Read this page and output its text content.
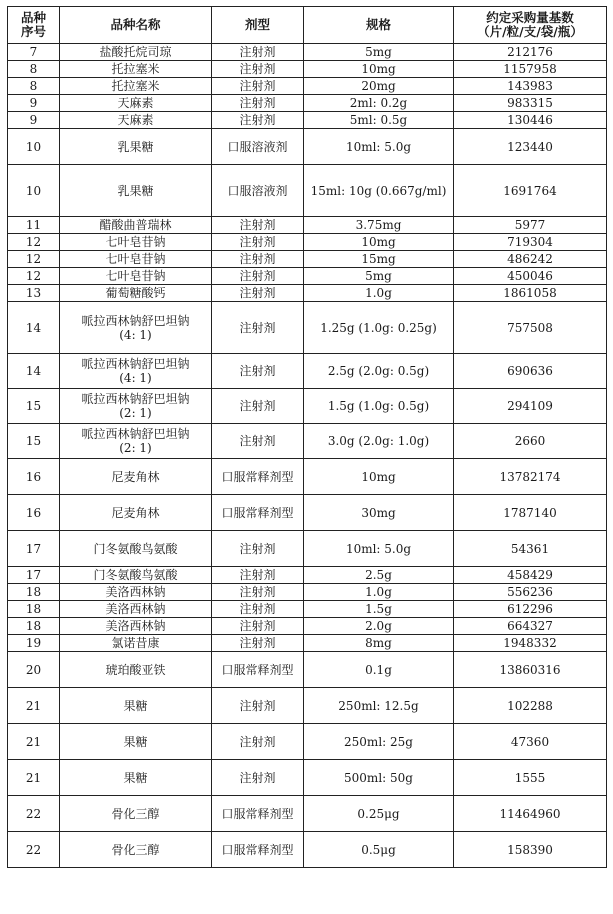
品种
序号	品种名称	剂型	规格	约定采购量基数
（片/粒/支/袋/瓶）
7	盐酸托烷司琼	注射剂	5mg	212176
8	托拉塞米	注射剂	10mg	1157958
8	托拉塞米	注射剂	20mg	143983
9	天麻素	注射剂	2ml: 0.2g	983315
9	天麻素	注射剂	5ml: 0.5g	130446
10	乳果糖	口服溶液剂	10ml: 5.0g	123440
10	乳果糖	口服溶液剂	15ml: 10g (0.667g/ml)	1691764
11	醋酸曲普瑞林	注射剂	3.75mg	5977
12	七叶皂苷钠	注射剂	10mg	719304
12	七叶皂苷钠	注射剂	15mg	486242
12	七叶皂苷钠	注射剂	5mg	450046
13	葡萄糖酸钙	注射剂	1.0g	1861058
14	哌拉西林钠舒巴坦钠
(4: 1)	注射剂	1.25g (1.0g: 0.25g)	757508
14	哌拉西林钠舒巴坦钠
(4: 1)	注射剂	2.5g (2.0g: 0.5g)	690636
15	哌拉西林钠舒巴坦钠
(2: 1)	注射剂	1.5g (1.0g: 0.5g)	294109
15	哌拉西林钠舒巴坦钠
(2: 1)	注射剂	3.0g (2.0g: 1.0g)	2660
16	尼麦角林	口服常释剂型	10mg	13782174
16	尼麦角林	口服常释剂型	30mg	1787140
17	门冬氨酸鸟氨酸	注射剂	10ml: 5.0g	54361
17	门冬氨酸鸟氨酸	注射剂	2.5g	458429
18	美洛西林钠	注射剂	1.0g	556236
18	美洛西林钠	注射剂	1.5g	612296
18	美洛西林钠	注射剂	2.0g	664327
19	氯诺昔康	注射剂	8mg	1948332
20	琥珀酸亚铁	口服常释剂型	0.1g	13860316
21	果糖	注射剂	250ml: 12.5g	102288
21	果糖	注射剂	250ml: 25g	47360
21	果糖	注射剂	500ml: 50g	1555
22	骨化三醇	口服常释剂型	0.25μg	11464960
22	骨化三醇	口服常释剂型	0.5μg	158390
